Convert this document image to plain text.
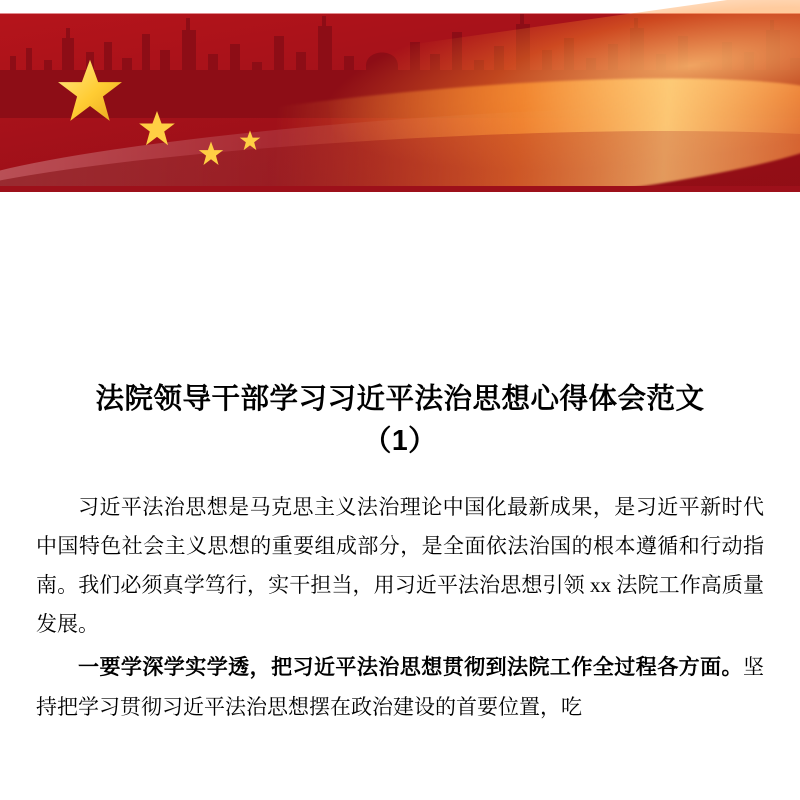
法院领导干部学习习近平法治思想心得体会范文
（1）

习近平法治思想是马克思主义法治理论中国化最新成果，是习近平新时代中国特色社会主义思想的重要组成部分，是全面依法治国的根本遵循和行动指南。我们必须真学笃行，实干担当，用习近平法治思想引领 xx 法院工作高质量发展。

一要学深学实学透，把习近平法治思想贯彻到法院工作全过程各方面。坚持把学习贯彻习近平法治思想摆在政治建设的首要位置，吃
